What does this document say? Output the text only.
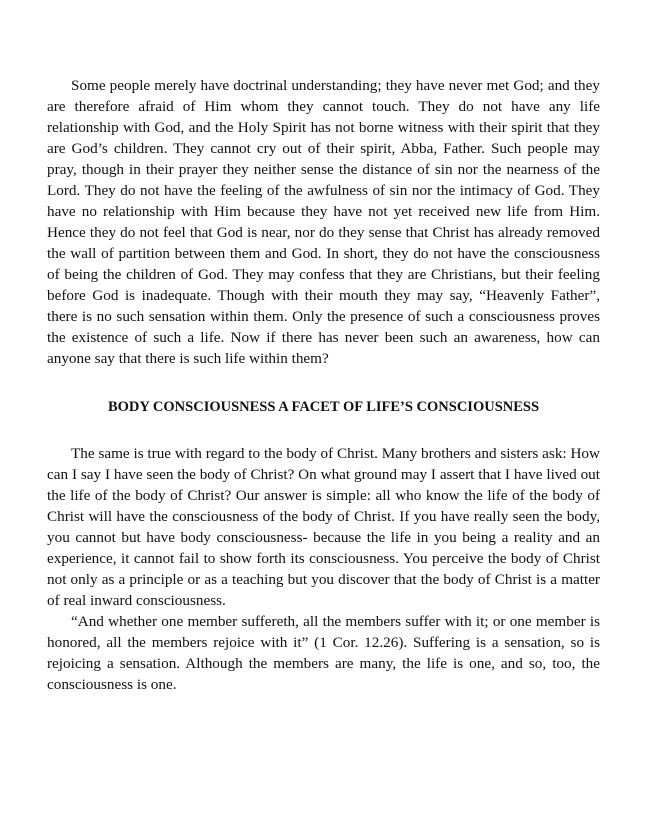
Some people merely have doctrinal understanding; they have never met God; and they are therefore afraid of Him whom they cannot touch. They do not have any life relationship with God, and the Holy Spirit has not borne witness with their spirit that they are God’s children. They cannot cry out of their spirit, Abba, Father. Such people may pray, though in their prayer they neither sense the distance of sin nor the nearness of the Lord. They do not have the feeling of the awfulness of sin nor the intimacy of God. They have no relationship with Him because they have not yet received new life from Him. Hence they do not feel that God is near, nor do they sense that Christ has already removed the wall of partition between them and God. In short, they do not have the consciousness of being the children of God. They may confess that they are Christians, but their feeling before God is inadequate. Though with their mouth they may say, “Heavenly Father”, there is no such sensation within them. Only the presence of such a consciousness proves the existence of such a life. Now if there has never been such an awareness, how can anyone say that there is such life within them?

BODY CONSCIOUSNESS A FACET OF LIFE’S CONSCIOUSNESS

The same is true with regard to the body of Christ. Many brothers and sisters ask: How can I say I have seen the body of Christ? On what ground may I assert that I have lived out the life of the body of Christ? Our answer is simple: all who know the life of the body of Christ will have the consciousness of the body of Christ. If you have really seen the body, you cannot but have body consciousness- because the life in you being a reality and an experience, it cannot fail to show forth its consciousness. You perceive the body of Christ not only as a principle or as a teaching but you discover that the body of Christ is a matter of real inward consciousness.

“And whether one member suffereth, all the members suffer with it; or one member is honored, all the members rejoice with it” (1 Cor. 12.26). Suffering is a sensation, so is rejoicing a sensation. Although the members are many, the life is one, and so, too, the consciousness is one.
